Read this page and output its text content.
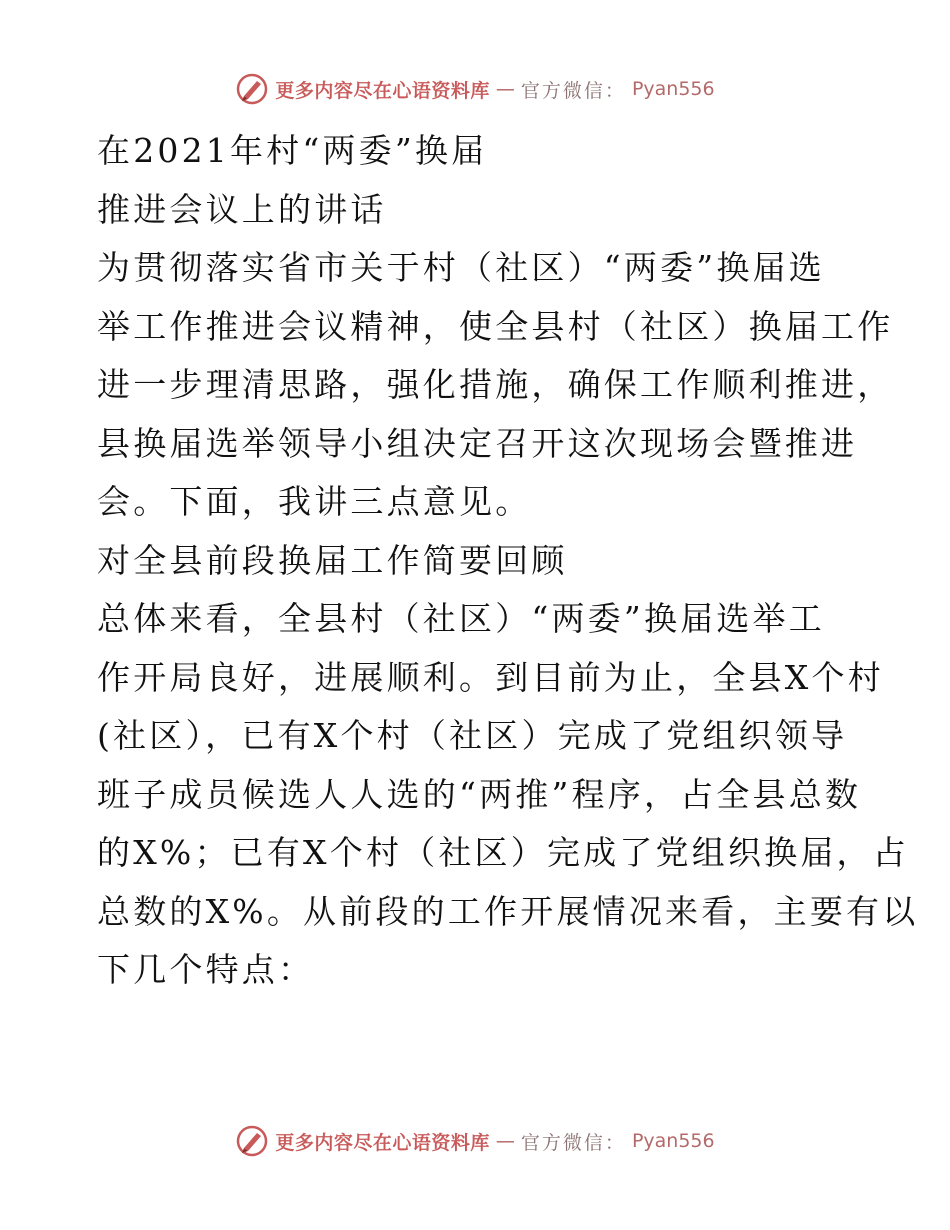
更多内容尽在心语资料库 — 官方微信： Pyan556
在2021年村“两委”换届
推进会议上的讲话
为贯彻落实省市关于村（社区）“两委”换届选
举工作推进会议精神，使全县村（社区）换届工作
进一步理清思路，强化措施，确保工作顺利推进，
县换届选举领导小组决定召开这次现场会暨推进
会。下面，我讲三点意见。
对全县前段换届工作简要回顾
总体来看，全县村（社区）“两委”换届选举工
作开局良好，进展顺利。到目前为止，全县X个村
(社区），已有X个村（社区）完成了党组织领导
班子成员候选人人选的“两推”程序，占全县总数
的X%；已有X个村（社区）完成了党组织换届，占
总数的X%。从前段的工作开展情况来看，主要有以
下几个特点：
更多内容尽在心语资料库 — 官方微信： Pyan556
